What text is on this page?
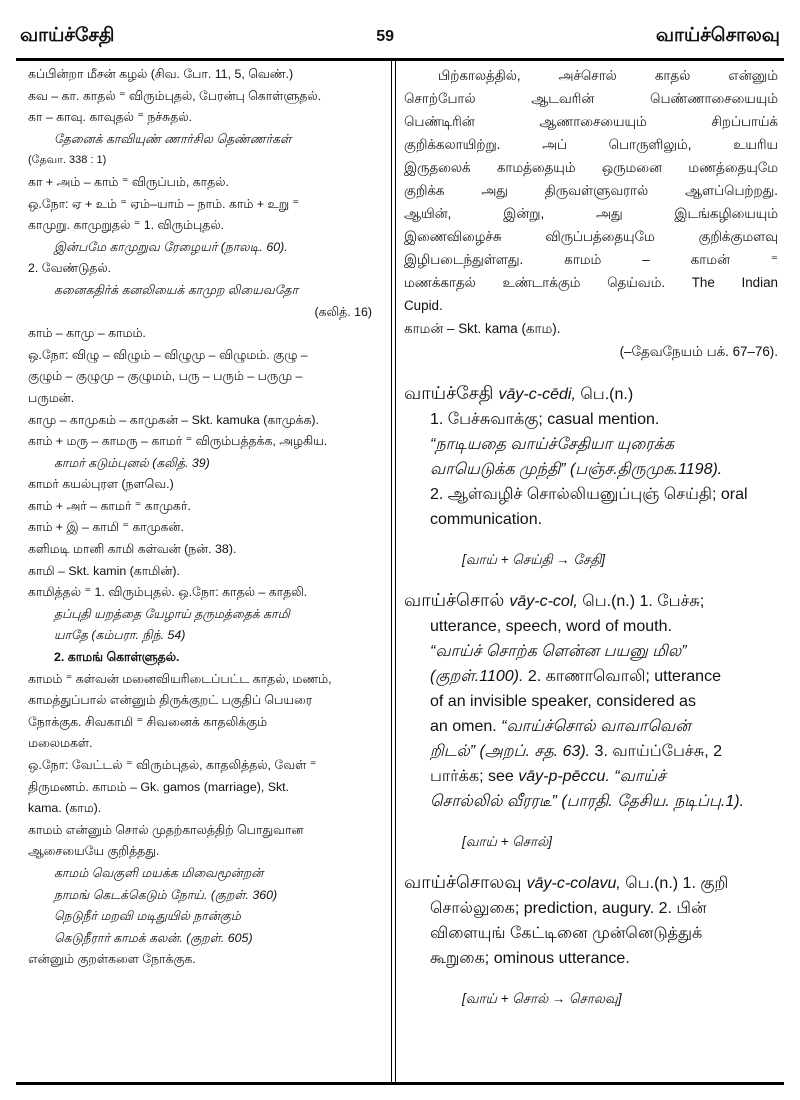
வாய்ச்சேதி	59	வாய்ச்சொலவு
கப்பின்றா மீசன் கழல் (சிவ. போ. 11, 5, வெண்.)
கவ – கா. காதல் ⁼ விரும்புதல், பேரன்பு கொள்ளுதல்.
கா – காவு. காவுதல் ⁼ நச்சுதல்.
தேனைக் காவியுண் ணார்சில தெண்ணர்கள்
(தேவா. 338 : 1)
கா + அம் – காம் ⁼ விருப்பம், காதல்.
ஒ.நோ: ஏ + உம் ⁼ ஏம்–யாம் – நாம். காம் + உறு ⁼
காமுறு. காமுறுதல் ⁼ 1. விரும்புதல்.
இன்பமே காமுறுவ ரேழையர் (நாலடி. 60).
2. வேண்டுதல்.
கனைகதிர்க் கனலியைக் காமுற லியைவதோ
(கலித். 16)
காம் – காமு – காமம்.
ஒ.நோ: விழு – விழும் – விழுமு – விழுமம். குழு –
குழும் – குழுமு – குழுமம், பரு – பரும் – பருமு –
பருமன்.
காமு – காமுகம் – காமுகன் – Skt. kamuka (காமுக்க).
காம் + மரு – காமரு – காமர் ⁼ விரும்பத்தக்க, அழகிய.
காமர் கடும்புனல் (கலித். 39)
காமர் கயல்புரள (நளவெ.)
காம் + அர் – காமர் ⁼ காமுகர்.
காம் + இ – காமி ⁼ காமுகன்.
களிமடி மானி காமி கள்வன் (நன். 38).
காமி – Skt. kamin (காமின்).
காமித்தல் ⁼ 1. விரும்புதல். ஒ.நோ: காதல் – காதலி.
தப்புதி யறத்தை யேழாய் தருமத்தைக் காமி
யாதே (கம்பரா. நிந். 54)
2. காமங் கொள்ளுதல்.
காமம் ⁼ கள்வன் மனைவியரிடைப்பட்ட காதல், மணம்,
காமத்துப்பால் என்னும் திருக்குறட் பகுதிப் பெயரை
நோக்குக. சிவகாமி ⁼ சிவனைக் காதலிக்கும்
மலைமகள்.
ஒ.நோ: வேட்டல் ⁼ விரும்புதல், காதலித்தல், வேள் ⁼
திருமணம். காமம் – Gk. gamos (marriage), Skt.
kama. (காம).
காமம் என்னும் சொல் முதற்காலத்திற் பொதுவான
ஆசையையே குறித்தது.
காமம் வெகுளி மயக்க மிவைமூன்றன்
நாமங் கெடக்கெடும் நோய். (குறள். 360)
நெடுநீர் மறவி மடிதுயில் நான்கும்
கெடுநீரார் காமக் கலன். (குறள். 605)
என்னும் குறள்களை நோக்குக.
பிற்காலத்தில், அச்சொல் காதல் என்னும்
சொற்போல் ஆடவரின் பெண்ணாசையையும்
பெண்டிரின் ஆணாசையையும் சிறப்பாய்க்
குறிக்கலாயிற்று. அப் பொருளிலும், உயரிய
இருதலைக் காமத்தையும் ஒருமனை மணத்தையுமே
குறிக்க அது திருவள்ளுவரால் ஆளப்பெற்றது.
ஆயின், இன்று, அது இடங்கழியையும்
இணைவிழைச்சு விருப்பத்தையுமே குறிக்குமளவு
இழிபடைந்துள்ளது. காமம் – காமன் ⁼
மணக்காதல் உண்டாக்கும் தெய்வம். The Indian
Cupid.
காமன் – Skt. kama (காம).
(–தேவநேயம் பக். 67–76).
வாய்ச்சேதி vāy-c-cēdi, பெ.(n.)
1. பேச்சுவாக்கு; casual mention.
“நாடியதை வாய்ச்சேதியா யுரைக்க
வாயெடுக்க முந்தி” (பஞ்ச.திருமுக.1198).
2. ஆள்வழிச் சொல்லியனுப்புஞ் செய்தி; oral
communication.
[வாய் + செய்தி → சேதி]
வாய்ச்சொல் vāy-c-col, பெ.(n.) 1. பேச்சு;
utterance, speech, word of mouth.
“வாய்ச் சொற்க ளென்ன பயனு மில”
(குறள்.1100). 2. காணாவொலி; utterance
of an invisible speaker, considered as
an omen. “வாய்ச்சொல் வாவாவென்
றிடல்” (அறப். சத. 63). 3. வாய்ப்பேச்சு, 2
பார்க்க; see vāy-p-pēccu. “வாய்ச்
சொல்லில் வீரரடீ” (பாரதி. தேசிய. நடிப்பு.1).
[வாய் + சொல்]
வாய்ச்சொலவு vāy-c-colavu, பெ.(n.) 1. குறி
சொல்லுகை; prediction, augury. 2. பின்
விளையுங் கேட்டினை முன்னெடுத்துக்
கூறுகை; ominous utterance.
[வாய் + சொல் → சொலவு]
